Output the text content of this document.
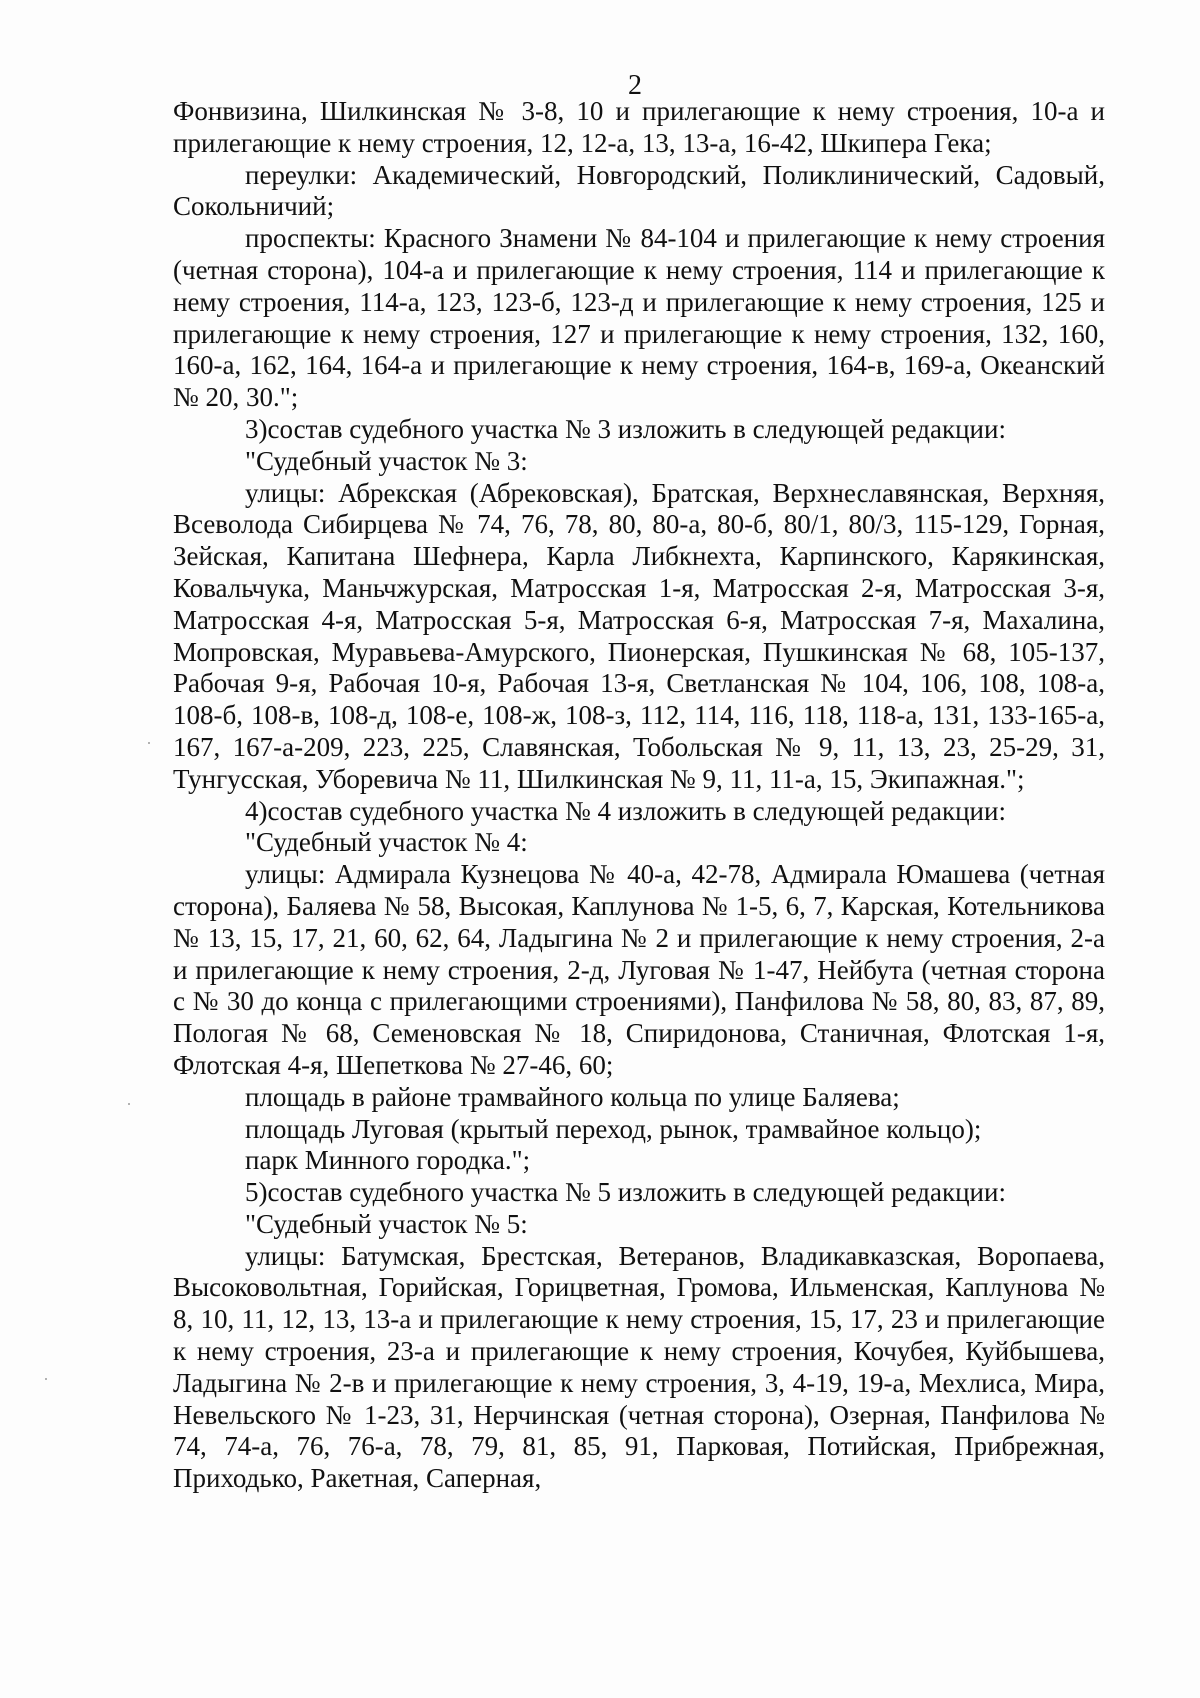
2

Фонвизина, Шилкинская № 3-8, 10 и прилегающие к нему строения, 10-а и прилегающие к нему строения, 12, 12-а, 13, 13-а, 16-42, Шкипера Гека;

переулки: Академический, Новгородский, Поликлинический, Садовый, Сокольничий;

проспекты: Красного Знамени № 84-104 и прилегающие к нему строения (четная сторона), 104-а и прилегающие к нему строения, 114 и прилегающие к нему строения, 114-а, 123, 123-б, 123-д и прилегающие к нему строения, 125 и прилегающие к нему строения, 127 и прилегающие к нему строения, 132, 160, 160-а, 162, 164, 164-а и прилегающие к нему строения, 164-в, 169-а, Океанский № 20, 30.";

3)состав судебного участка № 3 изложить в следующей редакции:

"Судебный участок № 3:

улицы: Абрекская (Абрековская), Братская, Верхнеславянская, Верхняя, Всеволода Сибирцева № 74, 76, 78, 80, 80-а, 80-б, 80/1, 80/3, 115-129, Горная, Зейская, Капитана Шефнера, Карла Либкнехта, Карпинского, Карякинская, Ковальчука, Маньчжурская, Матросская 1-я, Матросская 2-я, Матросская 3-я, Матросская 4-я, Матросская 5-я, Матросская 6-я, Матросская 7-я, Махалина, Мопровская, Муравьева-Амурского, Пионерская, Пушкинская № 68, 105-137, Рабочая 9-я, Рабочая 10-я, Рабочая 13-я, Светланская № 104, 106, 108, 108-а, 108-б, 108-в, 108-д, 108-е, 108-ж, 108-з, 112, 114, 116, 118, 118-а, 131, 133-165-а, 167, 167-а-209, 223, 225, Славянская, Тобольская № 9, 11, 13, 23, 25-29, 31, Тунгусская, Уборевича № 11, Шилкинская № 9, 11, 11-а, 15, Экипажная.";

4)состав судебного участка № 4 изложить в следующей редакции:

"Судебный участок № 4:

улицы: Адмирала Кузнецова № 40-а, 42-78, Адмирала Юмашева (четная сторона), Баляева № 58, Высокая, Каплунова № 1-5, 6, 7, Карская, Котельникова № 13, 15, 17, 21, 60, 62, 64, Ладыгина № 2 и прилегающие к нему строения, 2-а и прилегающие к нему строения, 2-д, Луговая № 1-47, Нейбута (четная сторона с № 30 до конца с прилегающими строениями), Панфилова № 58, 80, 83, 87, 89, Пологая № 68, Семеновская № 18, Спиридонова, Станичная, Флотская 1-я, Флотская 4-я, Шепеткова № 27-46, 60;

площадь в районе трамвайного кольца по улице Баляева;

площадь Луговая (крытый переход, рынок, трамвайное кольцо);

парк Минного городка.";

5)состав судебного участка № 5 изложить в следующей редакции:

"Судебный участок № 5:

улицы: Батумская, Брестская, Ветеранов, Владикавказская, Воропаева, Высоковольтная, Горийская, Горицветная, Громова, Ильменская, Каплунова № 8, 10, 11, 12, 13, 13-а и прилегающие к нему строения, 15, 17, 23 и прилегающие к нему строения, 23-а и прилегающие к нему строения, Кочубея, Куйбышева, Ладыгина № 2-в и прилегающие к нему строения, 3, 4-19, 19-а, Мехлиса, Мира, Невельского № 1-23, 31, Нерчинская (четная сторона), Озерная, Панфилова № 74, 74-а, 76, 76-а, 78, 79, 81, 85, 91, Парковая, Потийская, Прибрежная, Приходько, Ракетная, Саперная,
